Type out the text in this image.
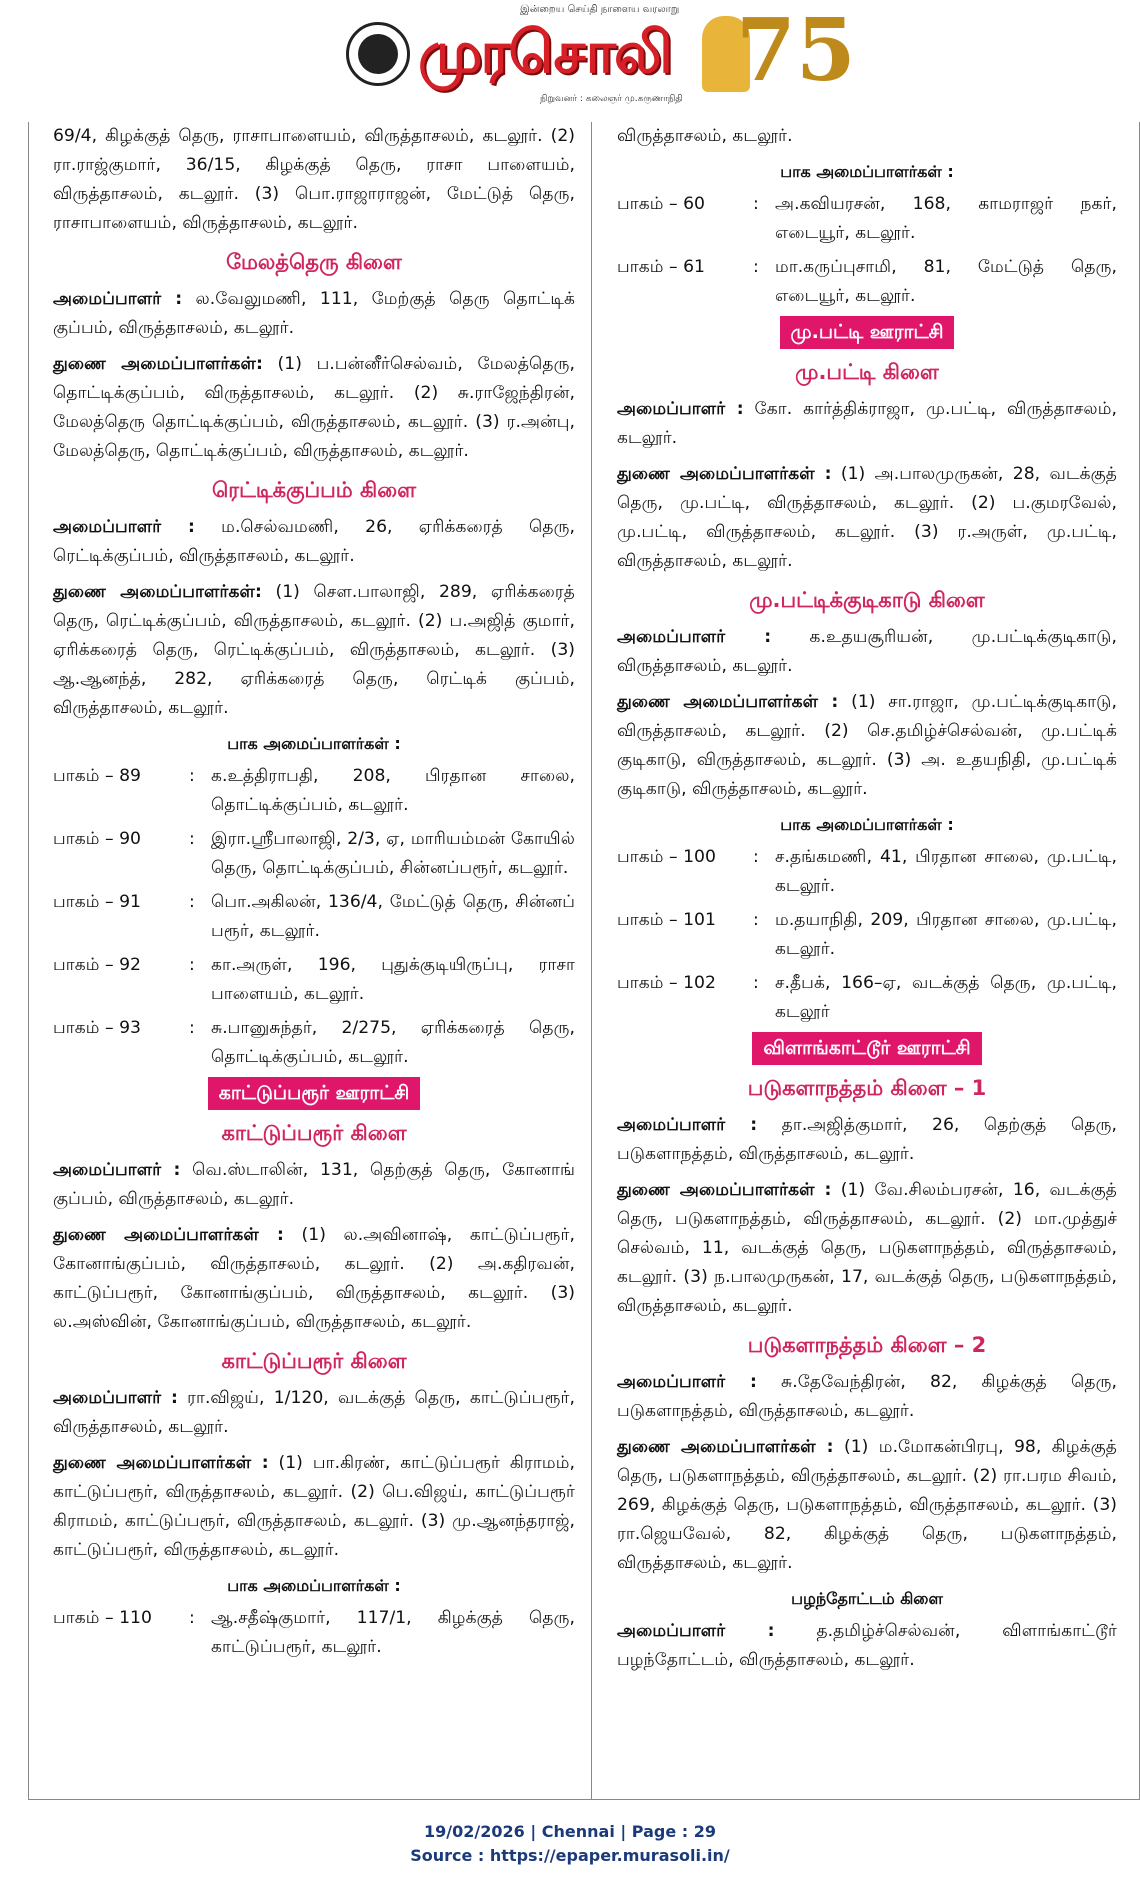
இன்றைய செய்தி நாளைய வரலாறு
முரசொலி
நிறுவனர் : கலைஞர் மு.கருணாநிதி 75

69/4, கிழக்குத் தெரு, ராசாபாளையம், விருத்தாசலம், கடலூர். (2) ரா.ராஜ்குமார், 36/15, கிழக்குத் தெரு, ராசா பாளையம், விருத்தாசலம், கடலூர். (3) பொ.ராஜாராஜன், மேட்டுத் தெரு, ராசாபாளையம், விருத்தாசலம், கடலூர்.

மேலத்தெரு கிளை

அமைப்பாளர் : ல.வேலுமணி, 111, மேற்குத் தெரு தொட்டிக் குப்பம், விருத்தாசலம், கடலூர்.

துணை அமைப்பாளர்கள்: (1) ப.பன்னீர்செல்வம், மேலத்தெரு, தொட்டிக்குப்பம், விருத்தாசலம், கடலூர். (2) சு.ராஜேந்திரன், மேலத்தெரு தொட்டிக்குப்பம், விருத்தாசலம், கடலூர். (3) ர.அன்பு, மேலத்தெரு, தொட்டிக்குப்பம், விருத்தாசலம், கடலூர்.

ரெட்டிக்குப்பம் கிளை

அமைப்பாளர் : ம.செல்வமணி, 26, ஏரிக்கரைத் தெரு, ரெட்டிக்குப்பம், விருத்தாசலம், கடலூர்.

துணை அமைப்பாளர்கள்: (1) செள.பாலாஜி, 289, ஏரிக்கரைத் தெரு, ரெட்டிக்குப்பம், விருத்தாசலம், கடலூர். (2) ப.அஜித் குமார், ஏரிக்கரைத் தெரு, ரெட்டிக்குப்பம், விருத்தாசலம், கடலூர். (3) ஆ.ஆனந்த், 282, ஏரிக்கரைத் தெரு, ரெட்டிக் குப்பம், விருத்தாசலம், கடலூர்.

பாக அமைப்பாளர்கள் :
பாகம் – 89	: க.உத்திராபதி, 208, பிரதான சாலை, தொட்டிக்குப்பம், கடலூர்.
பாகம் – 90	: இரா.ஸ்ரீபாலாஜி, 2/3, ஏ, மாரியம்மன் கோயில் தெரு, தொட்டிக்குப்பம், சின்னப்பரூர், கடலூர்.
பாகம் – 91	: பொ.அகிலன், 136/4, மேட்டுத் தெரு, சின்னப் பரூர், கடலூர்.
பாகம் – 92	: கா.அருள், 196, புதுக்குடியிருப்பு, ராசா பாளையம், கடலூர்.
பாகம் – 93	: சு.பானுசுந்தர், 2/275, ஏரிக்கரைத் தெரு, தொட்டிக்குப்பம், கடலூர்.
காட்டுப்பரூர் ஊராட்சி
காட்டுப்பரூர் கிளை

அமைப்பாளர் : வெ.ஸ்டாலின், 131, தெற்குத் தெரு, கோனாங் குப்பம், விருத்தாசலம், கடலூர்.

துணை அமைப்பாளர்கள் : (1) ல.அவினாஷ், காட்டுப்பரூர், கோனாங்குப்பம், விருத்தாசலம், கடலூர். (2) அ.கதிரவன், காட்டுப்பரூர், கோனாங்குப்பம், விருத்தாசலம், கடலூர். (3) ல.அஸ்வின், கோனாங்குப்பம், விருத்தாசலம், கடலூர்.

காட்டுப்பரூர் கிளை

அமைப்பாளர் : ரா.விஜய், 1/120, வடக்குத் தெரு, காட்டுப்பரூர், விருத்தாசலம், கடலூர்.

துணை அமைப்பாளர்கள் : (1) பா.கிரண், காட்டுப்பரூர் கிராமம், காட்டுப்பரூர், விருத்தாசலம், கடலூர். (2) பெ.விஜய், காட்டுப்பரூர் கிராமம், காட்டுப்பரூர், விருத்தாசலம், கடலூர். (3) மு.ஆனந்தராஜ், காட்டுப்பரூர், விருத்தாசலம், கடலூர்.

பாக அமைப்பாளர்கள் :
பாகம் – 110	: ஆ.சதீஷ்குமார், 117/1, கிழக்குத் தெரு, காட்டுப்பரூர், கடலூர்.

விருத்தாசலம், கடலூர்.

பாக அமைப்பாளர்கள் :
பாகம் – 60	: அ.கவியரசன், 168, காமராஜர் நகர், எடையூர், கடலூர்.
பாகம் – 61	: மா.கருப்புசாமி, 81, மேட்டுத் தெரு, எடையூர், கடலூர்.
மு.பட்டி ஊராட்சி
மு.பட்டி கிளை

அமைப்பாளர் : கோ. கார்த்திக்ராஜா, மு.பட்டி, விருத்தாசலம், கடலூர்.

துணை அமைப்பாளர்கள் : (1) அ.பாலமுருகன், 28, வடக்குத் தெரு, மு.பட்டி, விருத்தாசலம், கடலூர். (2) ப.குமரவேல், மு.பட்டி, விருத்தாசலம், கடலூர். (3) ர.அருள், மு.பட்டி, விருத்தாசலம், கடலூர்.

மு.பட்டிக்குடிகாடு கிளை

அமைப்பாளர் : க.உதயசூரியன், மு.பட்டிக்குடிகாடு, விருத்தாசலம், கடலூர்.

துணை அமைப்பாளர்கள் : (1) சா.ராஜா, மு.பட்டிக்குடிகாடு, விருத்தாசலம், கடலூர். (2) செ.தமிழ்ச்செல்வன், மு.பட்டிக் குடிகாடு, விருத்தாசலம், கடலூர். (3) அ. உதயநிதி, மு.பட்டிக் குடிகாடு, விருத்தாசலம், கடலூர்.

பாக அமைப்பாளர்கள் :
பாகம் – 100	: ச.தங்கமணி, 41, பிரதான சாலை, மு.பட்டி, கடலூர்.
பாகம் – 101	: ம.தயாநிதி, 209, பிரதான சாலை, மு.பட்டி, கடலூர்.
பாகம் – 102	: ச.தீபக், 166–ஏ, வடக்குத் தெரு, மு.பட்டி, கடலூர்
விளாங்காட்டூர் ஊராட்சி
படுகளாநத்தம் கிளை – 1

அமைப்பாளர் : தா.அஜித்குமார், 26, தெற்குத் தெரு, படுகளாநத்தம், விருத்தாசலம், கடலூர்.

துணை அமைப்பாளர்கள் : (1) வே.சிலம்பரசன், 16, வடக்குத் தெரு, படுகளாநத்தம், விருத்தாசலம், கடலூர். (2) மா.முத்துச் செல்வம், 11, வடக்குத் தெரு, படுகளாநத்தம், விருத்தாசலம், கடலூர். (3) ந.பாலமுருகன், 17, வடக்குத் தெரு, படுகளாநத்தம், விருத்தாசலம், கடலூர்.

படுகளாநத்தம் கிளை – 2

அமைப்பாளர் : சு.தேவேந்திரன், 82, கிழக்குத் தெரு, படுகளாநத்தம், விருத்தாசலம், கடலூர்.

துணை அமைப்பாளர்கள் : (1) ம.மோகன்பிரபு, 98, கிழக்குத் தெரு, படுகளாநத்தம், விருத்தாசலம், கடலூர். (2) ரா.பரம சிவம், 269, கிழக்குத் தெரு, படுகளாநத்தம், விருத்தாசலம், கடலூர். (3) ரா.ஜெயவேல், 82, கிழக்குத் தெரு, படுகளாநத்தம், விருத்தாசலம், கடலூர்.

பழந்தோட்டம் கிளை

அமைப்பாளர் : த.தமிழ்ச்செல்வன், விளாங்காட்டூர் பழந்தோட்டம், விருத்தாசலம், கடலூர்.

19/02/2026 | Chennai | Page : 29
Source : https://epaper.murasoli.in/
